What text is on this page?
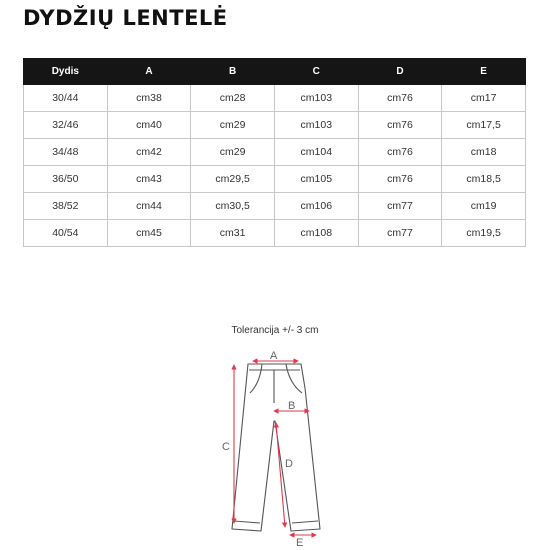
DYDŽIŲ LENTELĖ
Dydis	A	B	C	D	E
30/44	cm38	cm28	cm103	cm76	cm17
32/46	cm40	cm29	cm103	cm76	cm17,5
34/48	cm42	cm29	cm104	cm76	cm18
36/50	cm43	cm29,5	cm105	cm76	cm18,5
38/52	cm44	cm30,5	cm106	cm77	cm19
40/54	cm45	cm31	cm108	cm77	cm19,5
Tolerancija +/- 3 cm
A
B
C
D
E
